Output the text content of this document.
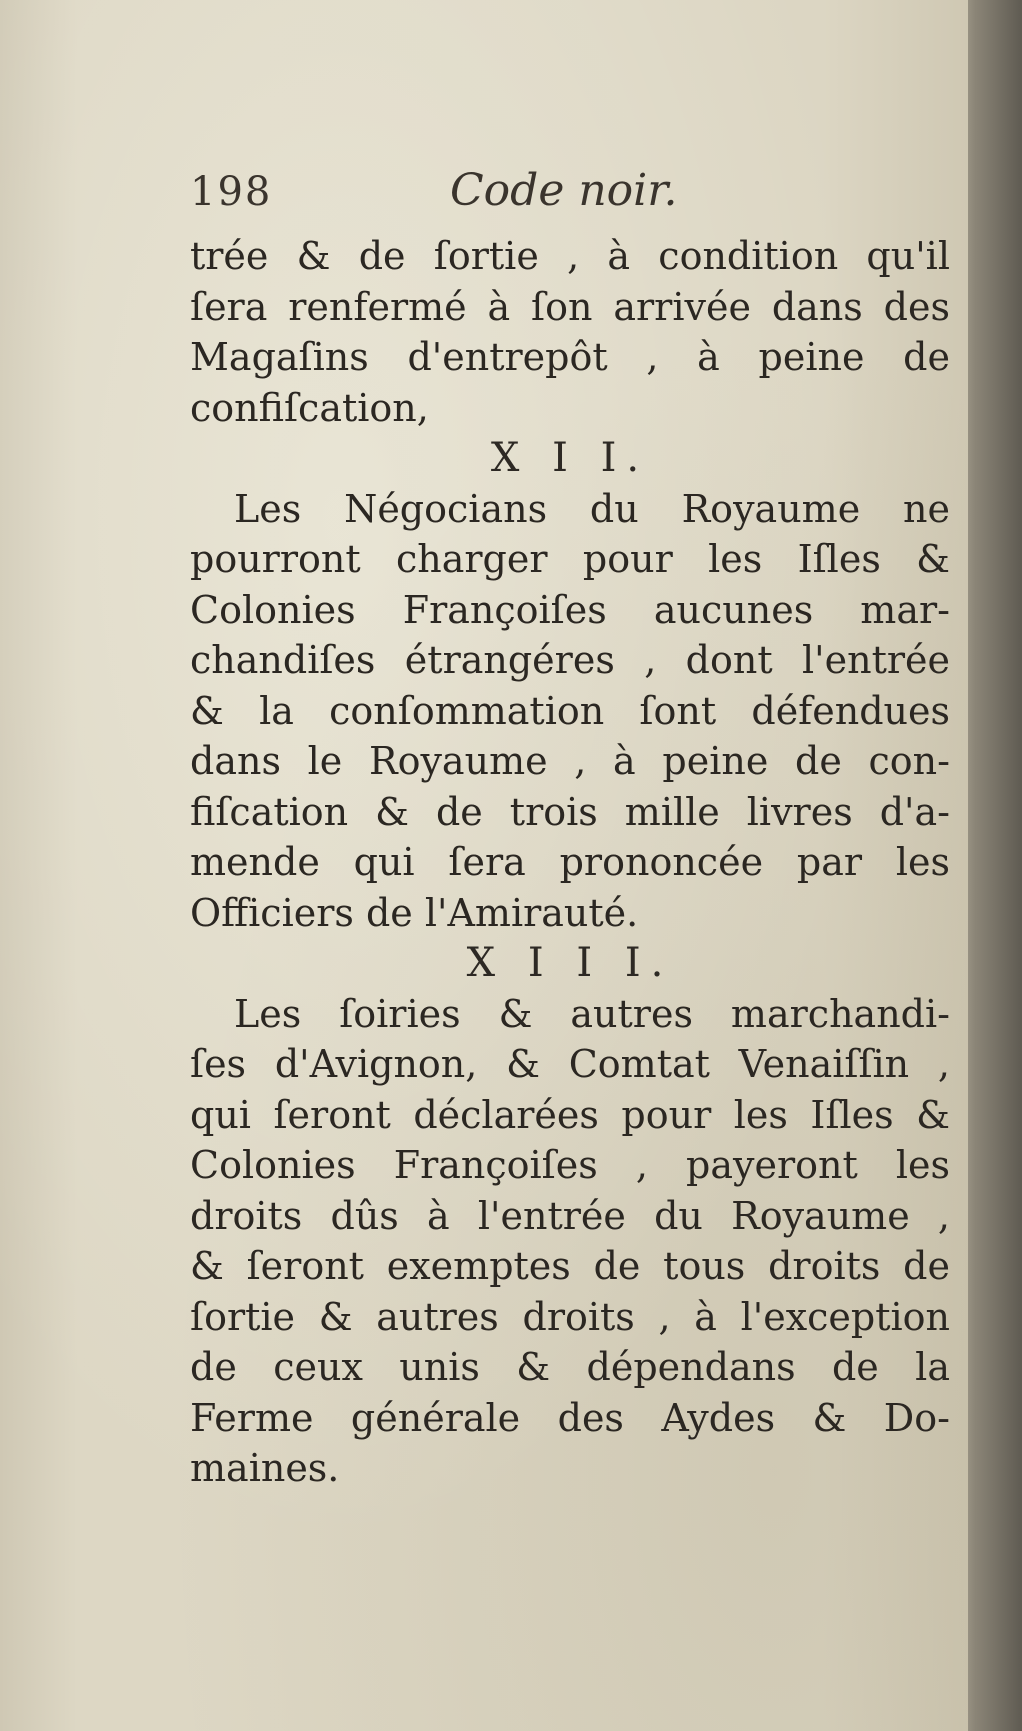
198	Code noir.
trée & de ſortie , à condition qu'il
ſera renfermé à ſon arrivée dans des
Magaſins d'entrepôt , à peine de
confiſcation,
X I I.
Les Négocians du Royaume ne
pourront charger pour les Iſles &
Colonies Françoiſes aucunes mar-
chandiſes étrangéres , dont l'entrée
& la conſommation ſont défendues
dans le Royaume , à peine de con-
fiſcation & de trois mille livres d'a-
mende qui ſera prononcée par les
Officiers de l'Amirauté.
X I I I.
Les ſoiries & autres marchandi-
ſes d'Avignon, & Comtat Venaiſſin ,
qui ſeront déclarées pour les Iſles &
Colonies Françoiſes , payeront les
droits dûs à l'entrée du Royaume ,
& ſeront exemptes de tous droits de
ſortie & autres droits , à l'exception
de ceux unis & dépendans de la
Ferme générale des Aydes & Do-
maines.
